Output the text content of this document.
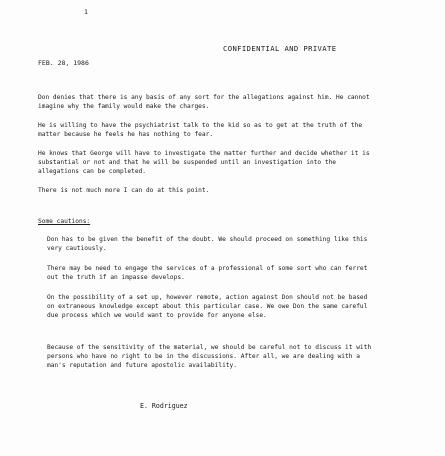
1

CONFIDENTIAL AND PRIVATE

FEB. 28, 1986

Don denies that there is any basis of any sort for the allegations against him. He cannot

imagine why the family would make the charges.

He is willing to have the psychiatrist talk to the kid so as to get at the truth of the

matter because he feels he has nothing to fear.

He knows that George will have to investigate the matter further and decide whether it is

substantial or not and that he will be suspended until an investigation into the

allegations can be completed.

There is not much more I can do at this point.

Some cautions:

Don has to be given the benefit of the doubt. We should proceed on something like this

very cautiously.

There may be need to engage the services of a professional of some sort who can ferret

out the truth if an impasse develops.

On the possibility of a set up, however remote, action against Don should not be based

on extraneous knowledge except about this particular case. We owe Don the same careful

due process which we would want to provide for anyone else.

Because of the sensitivity of the material, we should be careful not to discuss it with

persons who have no right to be in the discussions. After all, we are dealing with a

man's reputation and future apostolic availability.

E. Rodriguez
